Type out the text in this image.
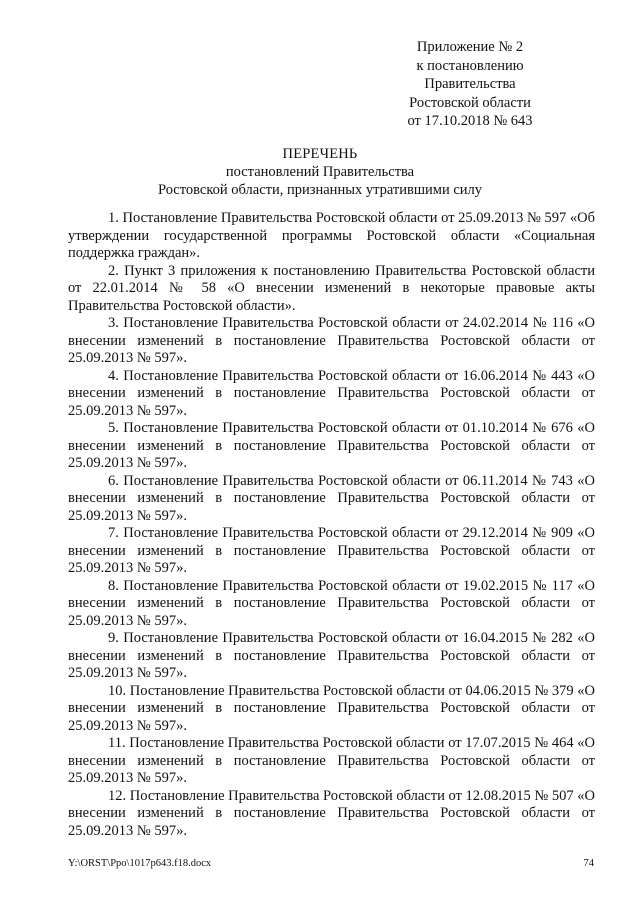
Приложение № 2
к постановлению
Правительства
Ростовской области
от 17.10.2018 № 643
ПЕРЕЧЕНЬ
постановлений Правительства
Ростовской области, признанных утратившими силу

1. Постановление Правительства Ростовской области от 25.09.2013 № 597 «Об утверждении государственной программы Ростовской области «Социальная поддержка граждан».

2. Пункт 3 приложения к постановлению Правительства Ростовской области от 22.01.2014 № 58 «О внесении изменений в некоторые правовые акты Правительства Ростовской области».

3. Постановление Правительства Ростовской области от 24.02.2014 № 116 «О внесении изменений в постановление Правительства Ростовской области от 25.09.2013 № 597».

4. Постановление Правительства Ростовской области от 16.06.2014 № 443 «О внесении изменений в постановление Правительства Ростовской области от 25.09.2013 № 597».

5. Постановление Правительства Ростовской области от 01.10.2014 № 676 «О внесении изменений в постановление Правительства Ростовской области от 25.09.2013 № 597».

6. Постановление Правительства Ростовской области от 06.11.2014 № 743 «О внесении изменений в постановление Правительства Ростовской области от 25.09.2013 № 597».

7. Постановление Правительства Ростовской области от 29.12.2014 № 909 «О внесении изменений в постановление Правительства Ростовской области от 25.09.2013 № 597».

8. Постановление Правительства Ростовской области от 19.02.2015 № 117 «О внесении изменений в постановление Правительства Ростовской области от 25.09.2013 № 597».

9. Постановление Правительства Ростовской области от 16.04.2015 № 282 «О внесении изменений в постановление Правительства Ростовской области от 25.09.2013 № 597».

10. Постановление Правительства Ростовской области от 04.06.2015 № 379 «О внесении изменений в постановление Правительства Ростовской области от 25.09.2013 № 597».

11. Постановление Правительства Ростовской области от 17.07.2015 № 464 «О внесении изменений в постановление Правительства Ростовской области от 25.09.2013 № 597».

12. Постановление Правительства Ростовской области от 12.08.2015 № 507 «О внесении изменений в постановление Правительства Ростовской области от 25.09.2013 № 597».

Y:\ORST\Ppo\1017p643.f18.docx	74
